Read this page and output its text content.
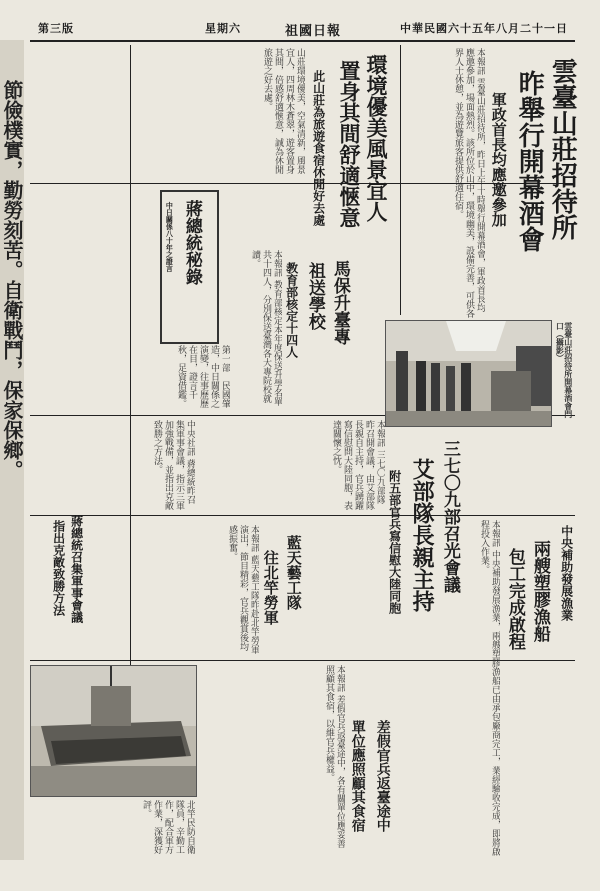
節儉樸實，勤勞刻苦。自衛戰鬥，保家保鄉。
第三版	星期六	祖國日報	中華民國六十五年八月二十一日
雲臺山莊招待所
昨舉行開幕酒會
軍政首長均應邀參加
本報訊 雲臺山莊招待所，昨日上午十時舉行開幕酒會，軍政首長均應邀參加，場面熱烈。該所位於山中，環境幽美，設備完善，可供各界人士休憩，並為遊覽旅客提供舒適住宿。
雲臺山莊招待所開幕酒會門口（攝影）
環境優美風景宜人
置身其間舒適愜意
此山莊為旅遊食宿休閒好去處
山莊環境優美，空氣清新，風景宜人，四周林木蒼翠，遊客置身其間，倍感舒適愜意，誠為休閒旅遊之好去處。
蔣總統秘錄
中日關係八十年之證言
第一部　民國肇造，中日關係之演變，往事歷歷在目，證言千秋，足資借鑑。
馬保升臺專
祖送學校
教育部核定十四人
本報訊 教育部核定本年度保送升學名單共十四人，分別保送臺灣各大專院校就讀。
三七〇九部召光會議
艾部隊長親主持
附五部官兵寫信慰大陸同胞
本報訊 三七〇九部隊昨召開會議，由艾部隊長親自主持，官兵踴躍寫信慰問大陸同胞，表達關懷之忱。
中央補助發展漁業
兩艘塑膠漁船
包工完成啟程
本報訊 中央補助發展漁業，兩艘塑膠漁船已由承包廠商完工，業經驗收完成，即將啟程投入作業。
藍天藝工隊
往北竿勞軍
本報訊 藍天藝工隊昨赴北竿勞軍演出，節目精彩，官兵觀賞後均感振奮。
蔣總統召集軍事會議
指出克敵致勝方法
中央社訊 蔣總統昨召集軍事會議，指示三軍加強戰備，並指出克敵致勝之方法。
差假官兵返臺途中
單位應照顧其食宿
本報訊 差假官兵返臺途中，各有關單位應妥善照顧其食宿，以維官兵權益。
北竿民防自衛隊員，辛勤工作，配合軍方作業，深獲好評。
